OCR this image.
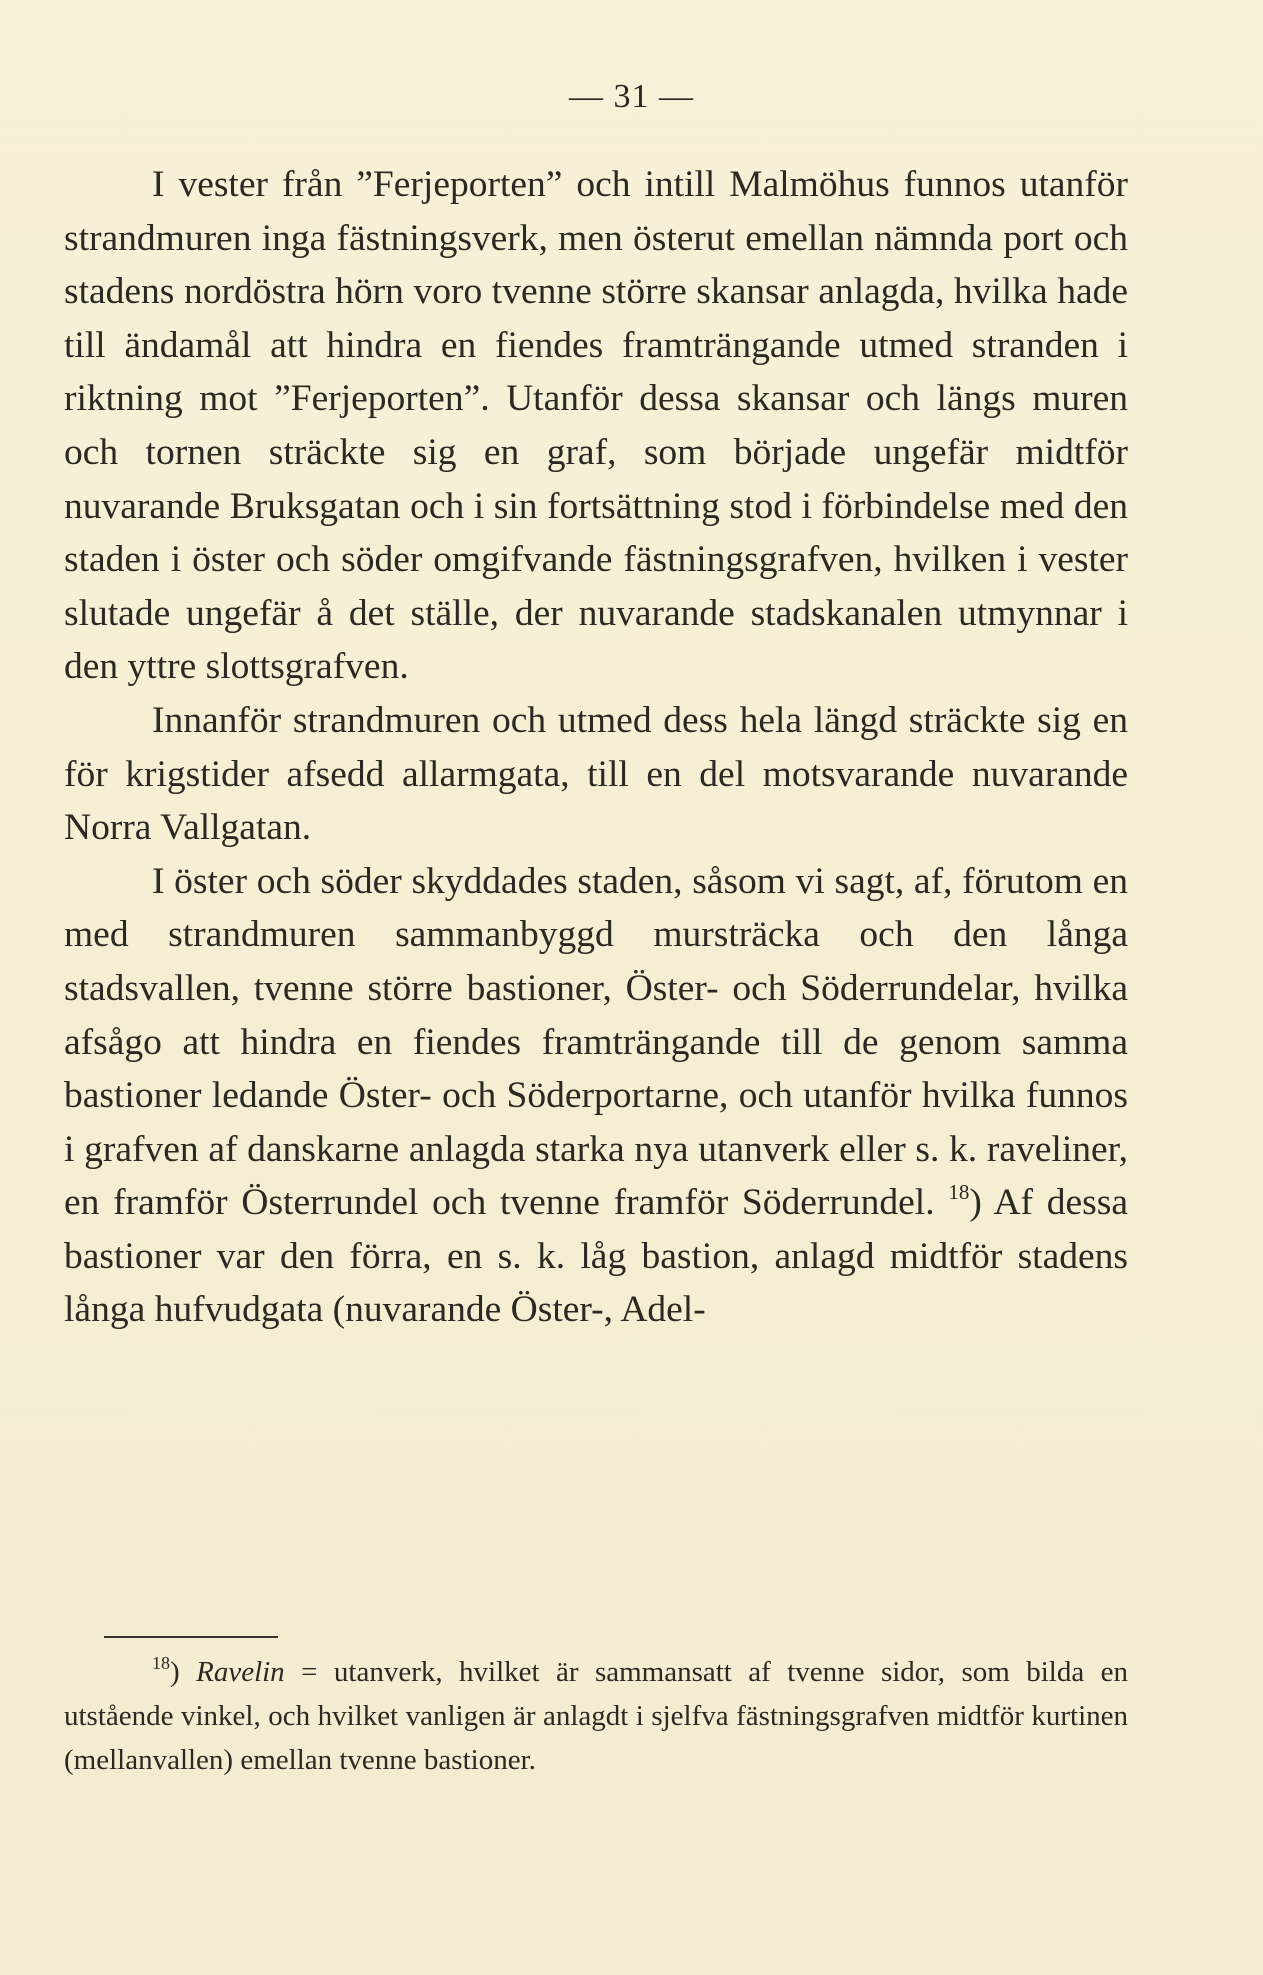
— 31 —

I vester från ”Ferjeporten” och intill Malmöhus funnos utanför strandmuren inga fästningsverk, men österut emellan nämnda port och stadens nordöstra hörn voro tvenne större skansar anlagda, hvilka hade till ändamål att hindra en fiendes framträngande utmed stranden i riktning mot ”Ferjeporten”. Utanför dessa skansar och längs muren och tornen sträckte sig en graf, som började ungefär midtför nuvarande Bruksgatan och i sin fortsättning stod i förbindelse med den staden i öster och söder omgifvande fästningsgrafven, hvilken i vester slutade ungefär å det ställe, der nuvarande stadskanalen utmynnar i den yttre slottsgrafven.

Innanför strandmuren och utmed dess hela längd sträckte sig en för krigstider afsedd allarmgata, till en del motsvarande nuvarande Norra Vallgatan.

I öster och söder skyddades staden, såsom vi sagt, af, förutom en med strandmuren sammanbyggd mursträcka och den långa stadsvallen, tvenne större bastioner, Öster- och Söderrundelar, hvilka afsågo att hindra en fiendes framträngande till de genom samma bastioner ledande Öster- och Söderportarne, och utanför hvilka funnos i grafven af danskarne anlagda starka nya utanverk eller s. k. raveliner, en framför Österrundel och tvenne framför Söderrundel. $^{18}$) Af dessa bastioner var den förra, en s. k. låg bastion, anlagd midtför stadens långa hufvudgata (nuvarande Öster-, Adel-

$^{18}$) Ravelin = utanverk, hvilket är sammansatt af tvenne sidor, som bilda en utstående vinkel, och hvilket vanligen är anlagdt i sjelfva fästningsgrafven midtför kurtinen (mellanvallen) emellan tvenne bastioner.
